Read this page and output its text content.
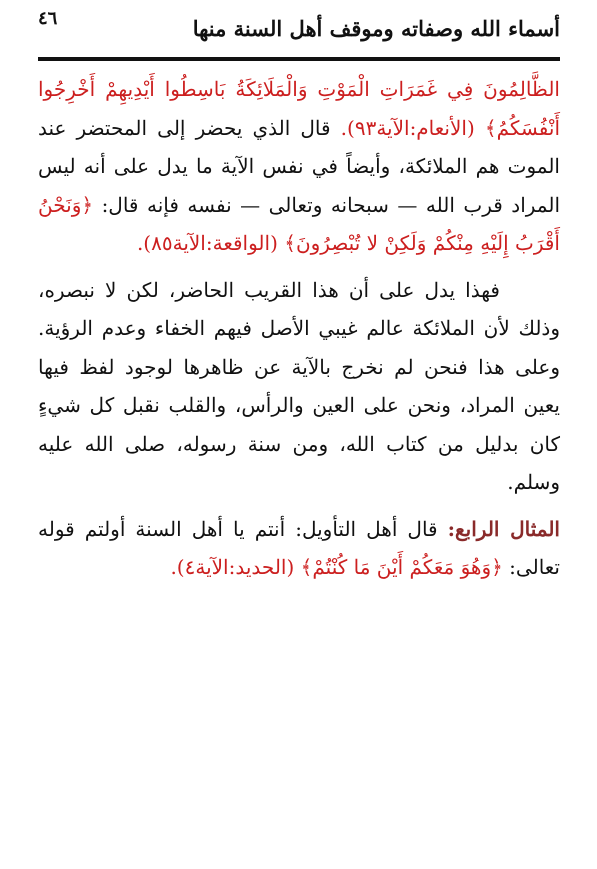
٤٦	أسماء الله وصفاته وموقف أهل السنة منها

الظَّالِمُونَ فِي غَمَرَاتِ الْمَوْتِ وَالْمَلَائِكَةُ بَاسِطُوا أَيْدِيهِمْ أَخْرِجُوا أَنْفُسَكُمُ﴾ (الأنعام:الآية٩٣). قال الذي يحضر إلى المحتضر عند الموت هم الملائكة، وأيضاً في نفس الآية ما يدل على أنه ليس المراد قرب الله — سبحانه وتعالى — نفسه فإنه قال: ﴿وَنَحْنُ أَقْرَبُ إِلَيْهِ مِنْكُمْ وَلَكِنْ لا تُبْصِرُونَ﴾ (الواقعة:الآية٨٥).

فهذا يدل على أن هذا القريب الحاضر، لكن لا نبصره، وذلك لأن الملائكة عالم غيبي الأصل فيهم الخفاء وعدم الرؤية. وعلى هذا فنحن لم نخرج بالآية عن ظاهرها لوجود لفظ فيها يعين المراد، ونحن على العين والرأس، والقلب نقبل كل شيءٍ كان بدليل من كتاب الله، ومن سنة رسوله، صلى الله عليه وسلم.

المثال الرابع: قال أهل التأويل: أنتم يا أهل السنة أولتم قوله تعالى: ﴿وَهُوَ مَعَكُمْ أَيْنَ مَا كُنْتُمْ﴾ (الحديد:الآية٤).
